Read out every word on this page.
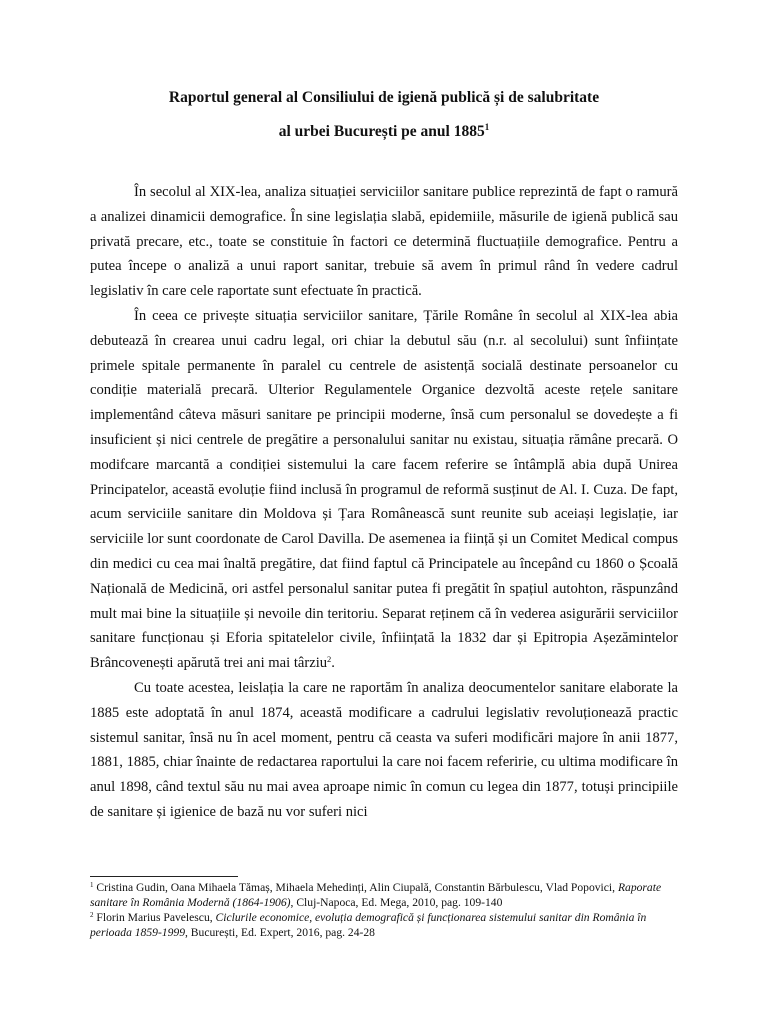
Raportul general al Consiliului de igienă publică și de salubritate
al urbei București pe anul 1885$^1$

În secolul al XIX-lea, analiza situației serviciilor sanitare publice reprezintă de fapt o ramură a analizei dinamicii demografice. În sine legislația slabă, epidemiile, măsurile de igienă publică sau privată precare, etc., toate se constituie în factori ce determină fluctuațiile demografice. Pentru a putea începe o analiză a unui raport sanitar, trebuie să avem în primul rând în vedere cadrul legislativ în care cele raportate sunt efectuate în practică.

În ceea ce privește situația serviciilor sanitare, Țările Române în secolul al XIX-lea abia debutează în crearea unui cadru legal, ori chiar la debutul său (n.r. al secolului) sunt înființate primele spitale permanente în paralel cu centrele de asistență socială destinate persoanelor cu condiție materială precară. Ulterior Regulamentele Organice dezvoltă aceste rețele sanitare implementând câteva măsuri sanitare pe principii moderne, însă cum personalul se dovedește a fi insuficient și nici centrele de pregătire a personalului sanitar nu existau, situația rămâne precară. O modifcare marcantă a condiției sistemului la care facem referire se întâmplă abia după Unirea Principatelor, această evoluție fiind inclusă în programul de reformă susținut de Al. I. Cuza. De fapt, acum serviciile sanitare din Moldova și Țara Românească sunt reunite sub aceiași legislație, iar serviciile lor sunt coordonate de Carol Davilla. De asemenea ia ființă și un Comitet Medical compus din medici cu cea mai înaltă pregătire, dat fiind faptul că Principatele au începând cu 1860 o Școală Națională de Medicină, ori astfel personalul sanitar putea fi pregătit în spațiul autohton, răspunzând mult mai bine la situațiile și nevoile din teritoriu. Separat reținem că în vederea asigurării serviciilor sanitare funcționau și Eforia spitatelelor civile, înființată la 1832 dar și Epitropia Așezămintelor Brâncovenești apărută trei ani mai târziu$^2$.

Cu toate acestea, leislația la care ne raportăm în analiza deocumentelor sanitare elaborate la 1885 este adoptată în anul 1874, această modificare a cadrului legislativ revoluționează practic sistemul sanitar, însă nu în acel moment, pentru că ceasta va suferi modificări majore în anii 1877, 1881, 1885, chiar înainte de redactarea raportului la care noi facem referirie, cu ultima modificare în anul 1898, când textul său nu mai avea aproape nimic în comun cu legea din 1877, totuși principiile de sanitare și igienice de bază nu vor suferi nici

$^1$ Cristina Gudin, Oana Mihaela Tămaș, Mihaela Mehedinți, Alin Ciupală, Constantin Bărbulescu, Vlad Popovici, Raporate sanitare în România Modernă (1864-1906), Cluj-Napoca, Ed. Mega, 2010, pag. 109-140

$^2$ Florin Marius Pavelescu, Ciclurile economice, evoluția demografică și funcționarea sistemului sanitar din România în perioada 1859-1999, București, Ed. Expert, 2016, pag. 24-28
